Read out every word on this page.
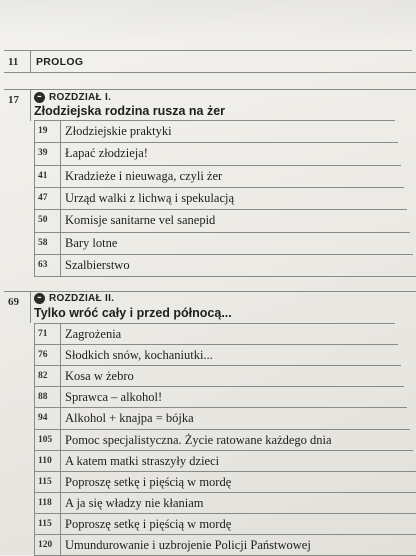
11 PROLOG
17	– ROZDZIAŁ I.
Złodziejska rodzina rusza na żer
19 Złodziejskie praktyki
39 Łapać złodzieja!
41 Kradzieże i nieuwaga, czyli żer
47 Urząd walki z lichwą i spekulacją
50 Komisje sanitarne vel sanepid
58 Bary lotne
63 Szalbierstwo
69	– ROZDZIAŁ II.
Tylko wróć cały i przed północą...
71 Zagrożenia
76 Słodkich snów, kochaniutki...
82 Kosa w żebro
88 Sprawca – alkohol!
94 Alkohol + knajpa = bójka
105 Pomoc specjalistyczna. Życie ratowane każdego dnia
110 A katem matki straszyły dzieci
115 Poproszę setkę i pięścią w mordę
118 A ja się władzy nie kłaniam
115 Poproszę setkę i pięścią w mordę
120 Umundurowanie i uzbrojenie Policji Państwowej
